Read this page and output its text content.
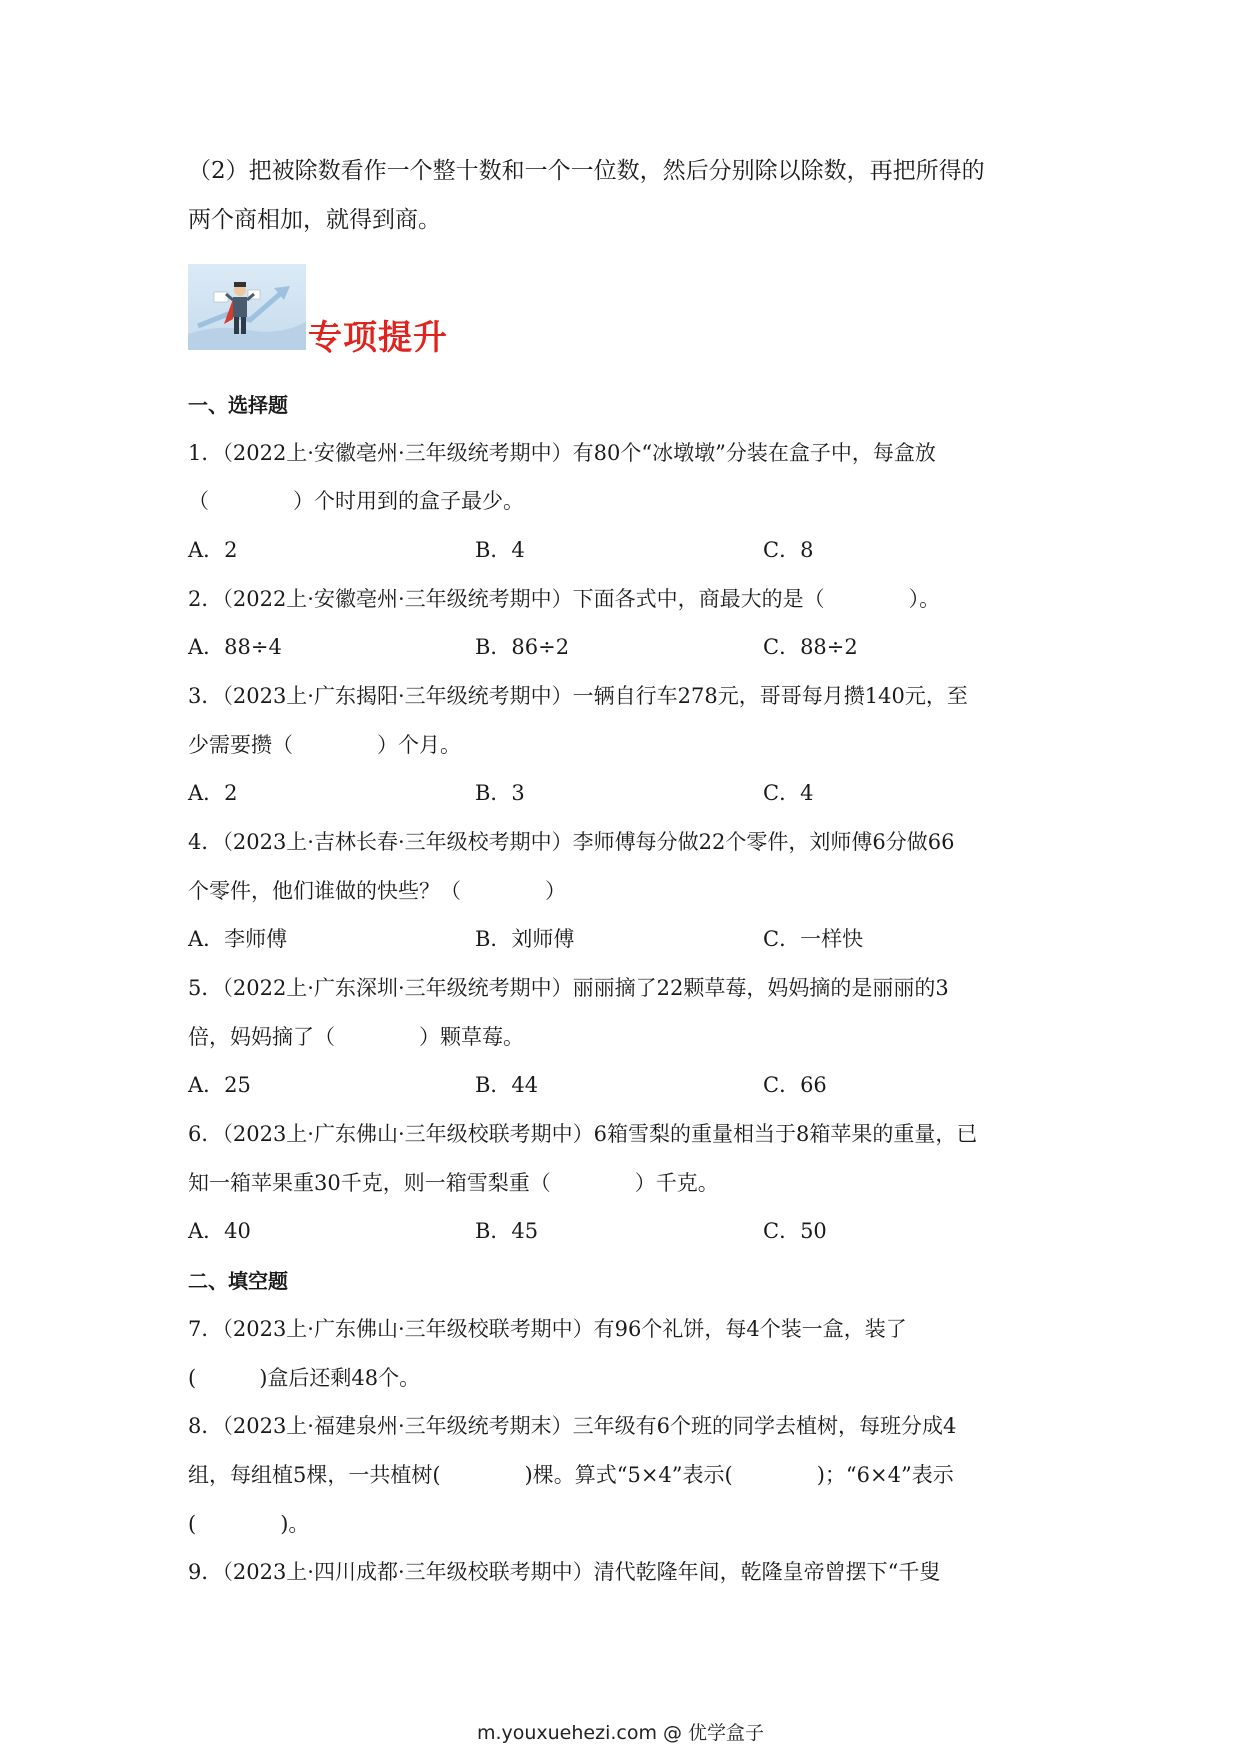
（2）把被除数看作一个整十数和一个一位数，然后分别除以除数，再把所得的
两个商相加，就得到商。
专项提升
一、选择题
1．（2022上·安徽亳州·三年级统考期中）有80个“冰墩墩”分装在盒子中，每盒放
（　　　　）个时用到的盒子最少。
A．2	B．4	C．8
2．（2022上·安徽亳州·三年级统考期中）下面各式中，商最大的是（　　　　）。
A．88÷4	B．86÷2	C．88÷2
3．（2023上·广东揭阳·三年级统考期中）一辆自行车278元，哥哥每月攒140元，至
少需要攒（　　　　）个月。
A．2	B．3	C．4
4．（2023上·吉林长春·三年级校考期中）李师傅每分做22个零件，刘师傅6分做66
个零件，他们谁做的快些？（　　　　）
A．李师傅	B．刘师傅	C．一样快
5．（2022上·广东深圳·三年级统考期中）丽丽摘了22颗草莓，妈妈摘的是丽丽的3
倍，妈妈摘了（　　　　）颗草莓。
A．25	B．44	C．66
6．（2023上·广东佛山·三年级校联考期中）6箱雪梨的重量相当于8箱苹果的重量，已
知一箱苹果重30千克，则一箱雪梨重（　　　　）千克。
A．40	B．45	C．50
二、填空题
7．（2023上·广东佛山·三年级校联考期中）有96个礼饼，每4个装一盒，装了
(　　　)盒后还剩48个。
8．（2023上·福建泉州·三年级统考期末）三年级有6个班的同学去植树，每班分成4
组，每组植5棵，一共植树(　　　　)棵。算式“5×4”表示(　　　　)；“6×4”表示
(　　　　)。
9．（2023上·四川成都·三年级校联考期中）清代乾隆年间，乾隆皇帝曾摆下“千叟
m.youxuehezi.com @ 优学盒子
